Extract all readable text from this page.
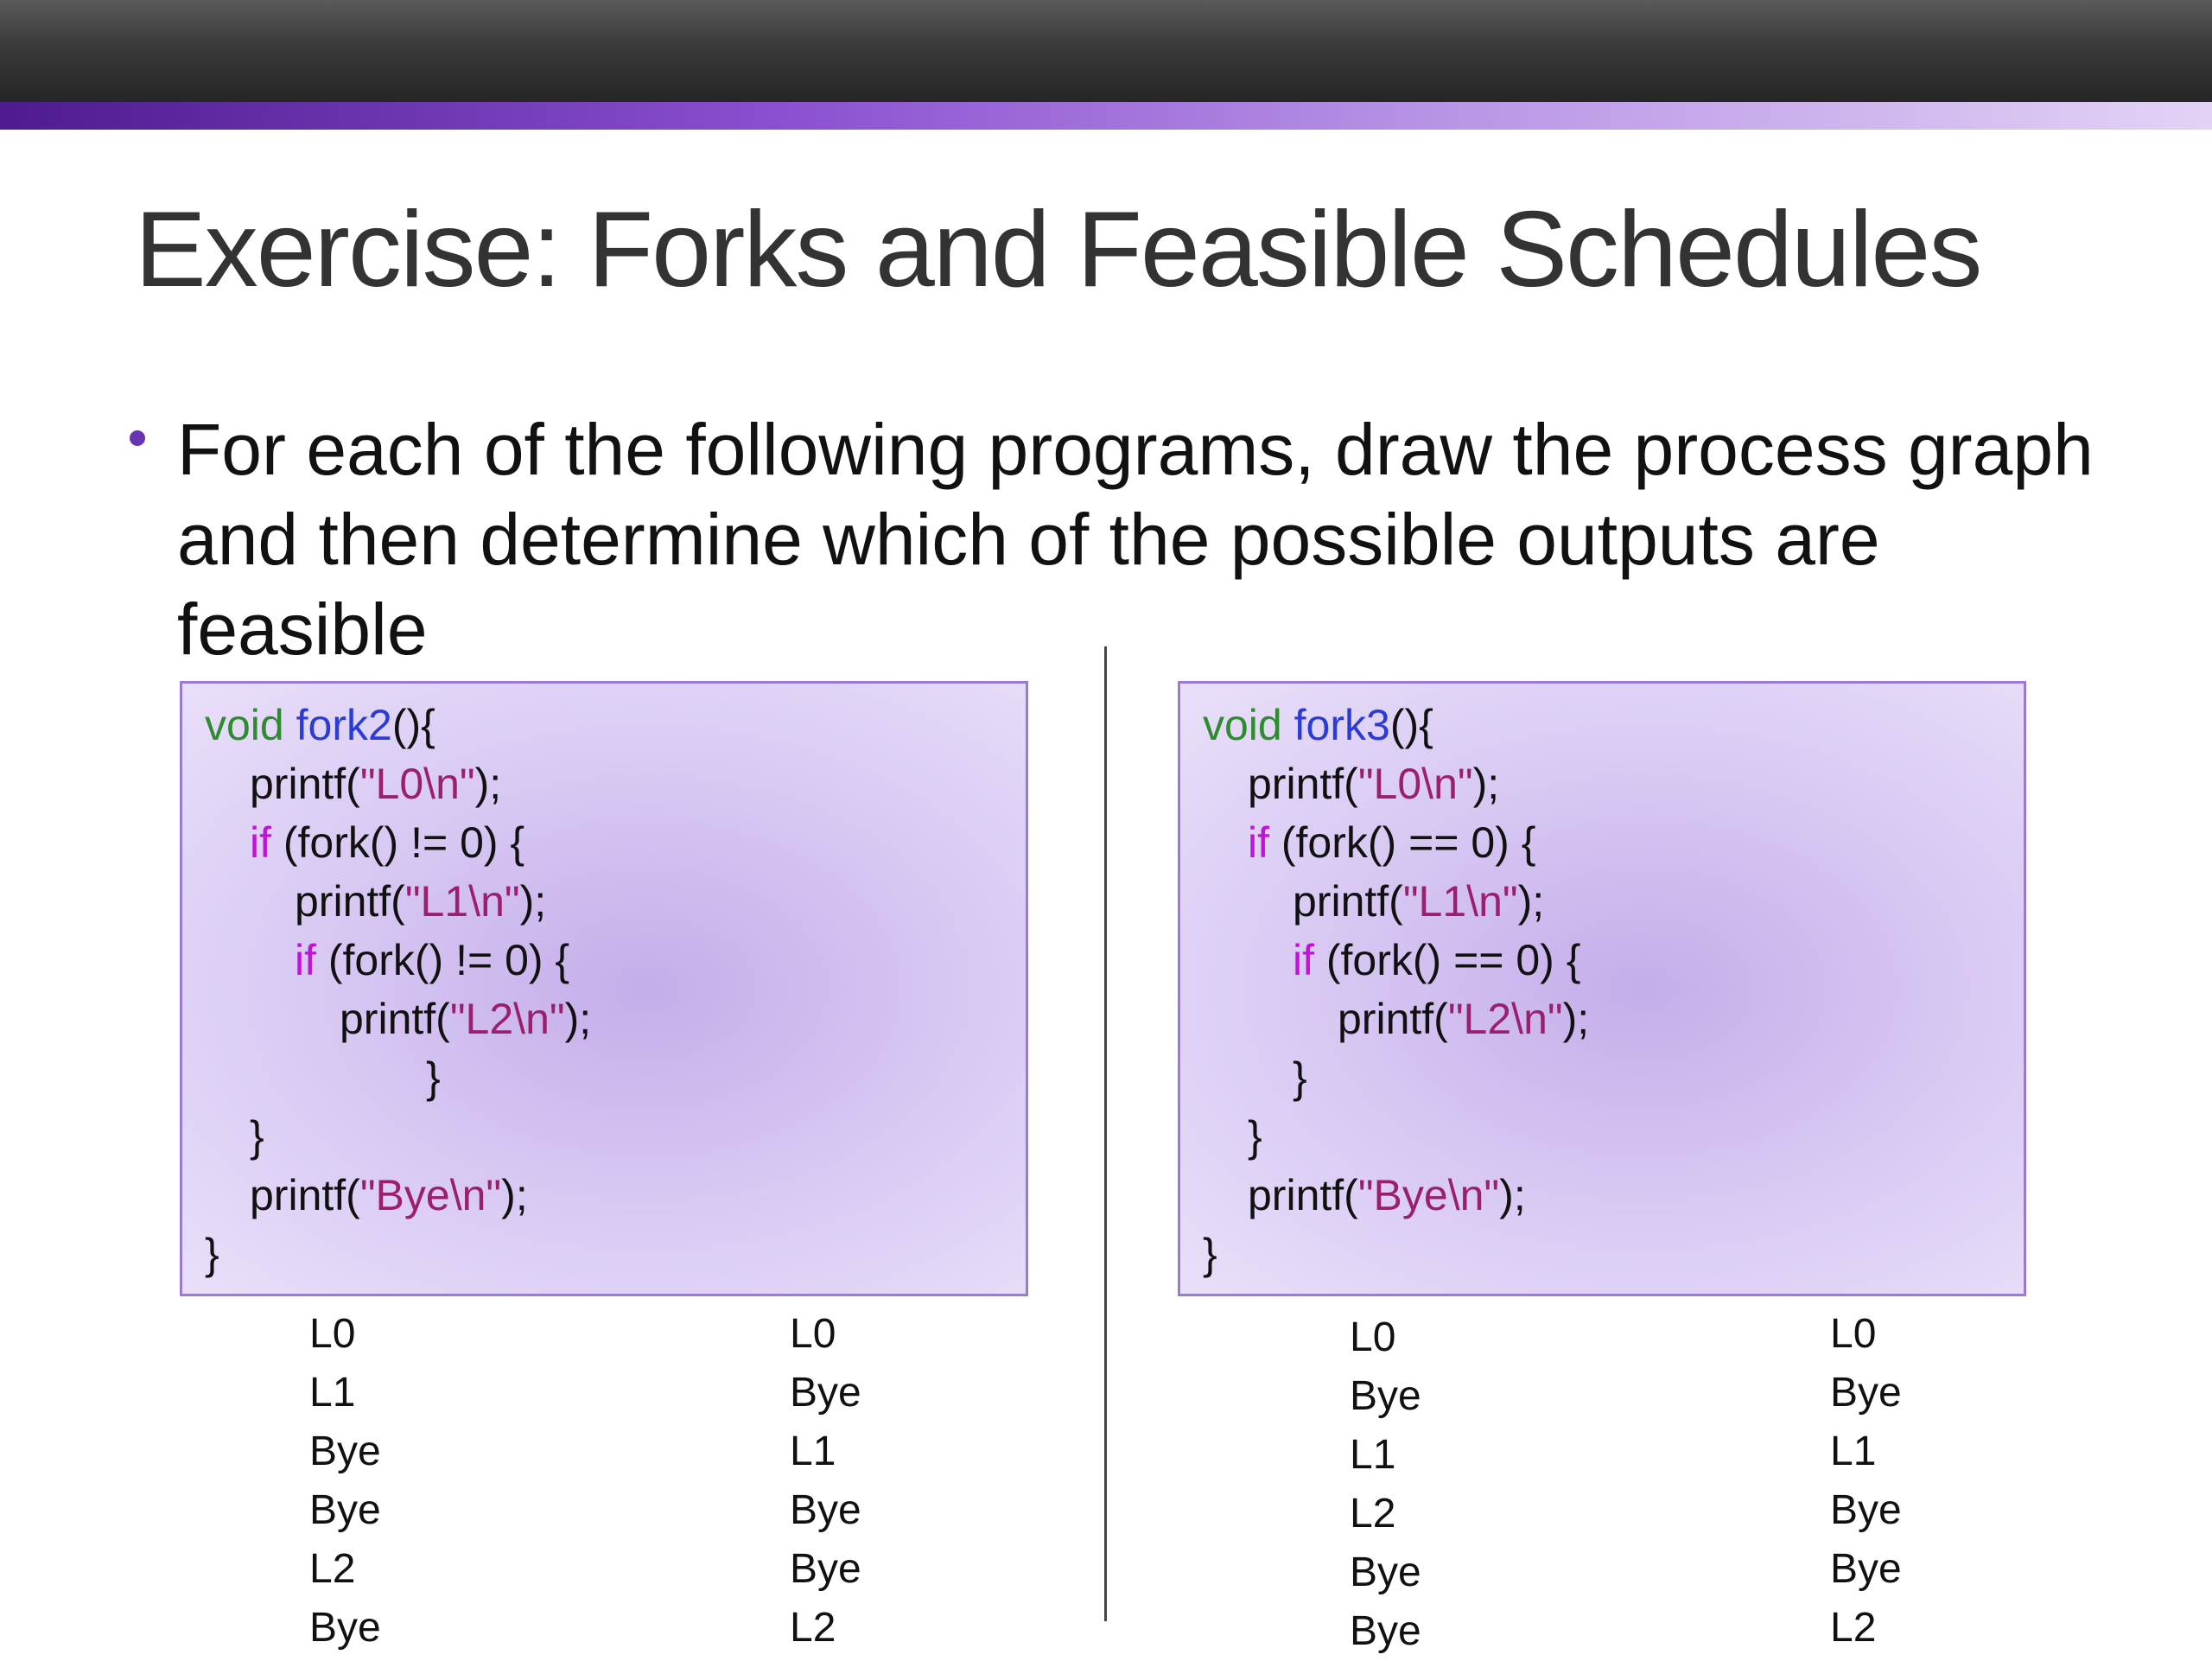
Exercise: Forks and Feasible Schedules

For each of the following programs, draw the process graph and then determine which of the possible outputs are feasible

void fork2(){
printf("L0\n");
if (fork() != 0) {
printf("L1\n");
if (fork() != 0) {
printf("L2\n");
}
}
printf("Bye\n");
}
void fork3(){
printf("L0\n");
if (fork() == 0) {
printf("L1\n");
if (fork() == 0) {
printf("L2\n");
}
}
printf("Bye\n");
}
L0
L1
Bye
Bye
L2
Bye
L0
Bye
L1
Bye
Bye
L2
L0
Bye
L1
L2
Bye
Bye
L0
Bye
L1
Bye
Bye
L2
